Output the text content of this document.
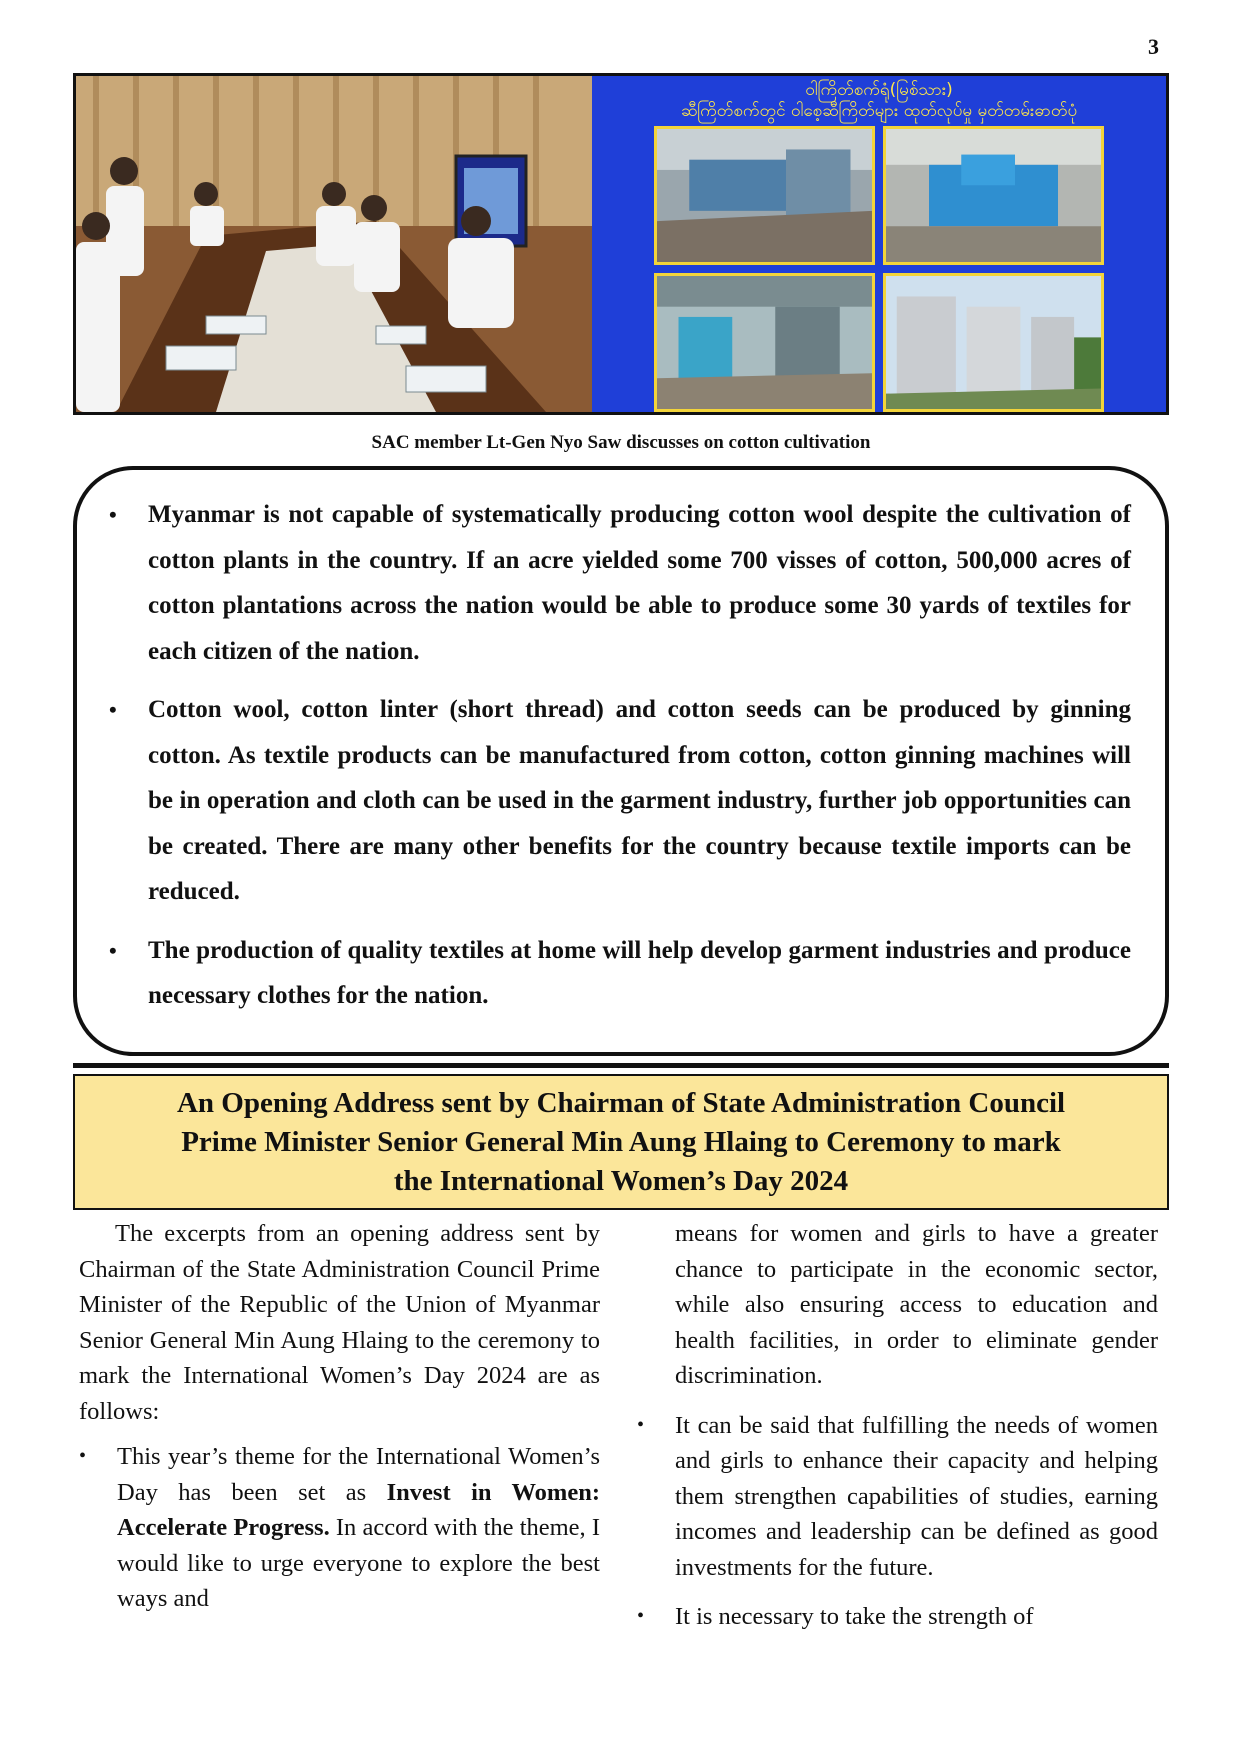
3
ဝါကြိတ်စက်ရုံ(မြစ်သား)
ဆီကြိတ်စက်တွင် ဝါစေ့ဆီကြိတ်များ ထုတ်လုပ်မှု မှတ်တမ်းဓာတ်ပုံ
SAC member Lt-Gen Nyo Saw discusses on cotton cultivation
• Myanmar is not capable of systematically producing cotton wool despite the cultivation of cotton plants in the country. If an acre yielded some 700 visses of cotton, 500,000 acres of cotton plantations across the nation would be able to produce some 30 yards of textiles for each citizen of the nation.
• Cotton wool, cotton linter (short thread) and cotton seeds can be produced by ginning cotton. As textile products can be manufactured from cotton, cotton ginning machines will be in operation and cloth can be used in the garment industry, further job opportunities can be created. There are many other benefits for the country because textile imports can be reduced.
• The production of quality textiles at home will help develop garment industries and produce necessary clothes for the nation.
An Opening Address sent by Chairman of State Administration Council
Prime Minister Senior General Min Aung Hlaing to Ceremony to mark
the International Women’s Day 2024

The excerpts from an opening address sent by Chairman of the State Administration Council Prime Minister of the Republic of the Union of Myanmar Senior General Min Aung Hlaing to the ceremony to mark the International Women’s Day 2024 are as follows:

• This year’s theme for the International Women’s Day has been set as Invest in Women: Accelerate Progress. In accord with the theme, I would like to urge everyone to explore the best ways and

means for women and girls to have a greater chance to participate in the economic sector, while also ensuring access to education and health facilities, in order to eliminate gender discrimination.

• It can be said that fulfilling the needs of women and girls to enhance their capacity and helping them strengthen capabilities of studies, earning incomes and leadership can be defined as good investments for the future.
• It is necessary to take the strength of
